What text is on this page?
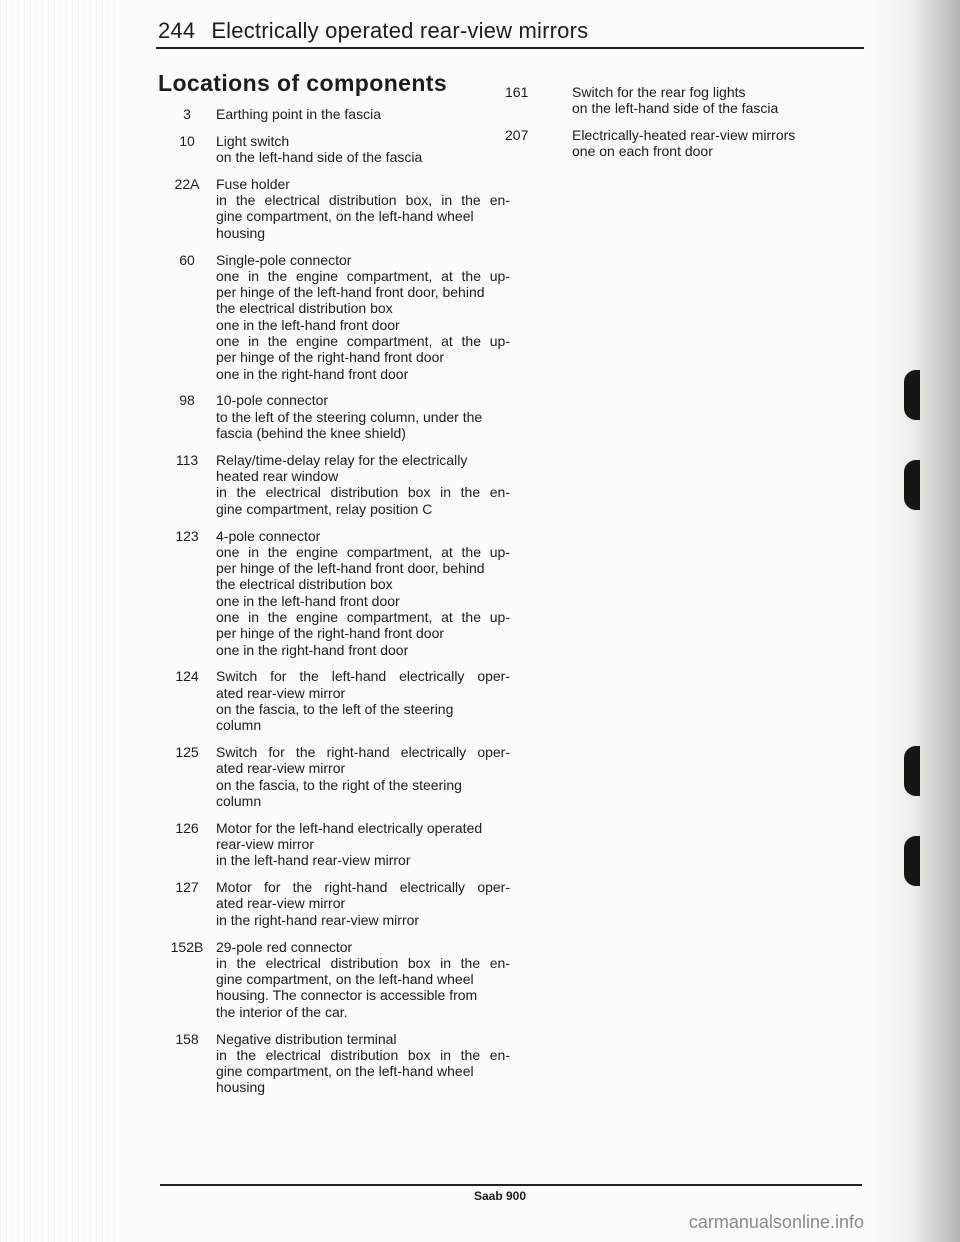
244 Electrically operated rear-view mirrors
Locations of components
3	Earthing point in the fascia
10	Light switch
on the left-hand side of the fascia
22A	Fuse holder
in the electrical distribution box, in the en-
gine compartment, on the left-hand wheel
housing
60	Single-pole connector
one in the engine compartment, at the up-
per hinge of the left-hand front door, behind
the electrical distribution box
one in the left-hand front door
one in the engine compartment, at the up-
per hinge of the right-hand front door
one in the right-hand front door
98	10-pole connector
to the left of the steering column, under the
fascia (behind the knee shield)
113	Relay/time-delay relay for the electrically
heated rear window
in the electrical distribution box in the en-
gine compartment, relay position C
123	4-pole connector
one in the engine compartment, at the up-
per hinge of the left-hand front door, behind
the electrical distribution box
one in the left-hand front door
one in the engine compartment, at the up-
per hinge of the right-hand front door
one in the right-hand front door
124	Switch for the left-hand electrically oper-
ated rear-view mirror
on the fascia, to the left of the steering
column
125	Switch for the right-hand electrically oper-
ated rear-view mirror
on the fascia, to the right of the steering
column
126	Motor for the left-hand electrically operated
rear-view mirror
in the left-hand rear-view mirror
127	Motor for the right-hand electrically oper-
ated rear-view mirror
in the right-hand rear-view mirror
152B 29-pole red connector
in the electrical distribution box in the en-
gine compartment, on the left-hand wheel
housing. The connector is accessible from
the interior of the car.
158	Negative distribution terminal
in the electrical distribution box in the en-
gine compartment, on the left-hand wheel
housing
161	Switch for the rear fog lights
on the left-hand side of the fascia
207	Electrically-heated rear-view mirrors
one on each front door
Saab 900
carmanualsonline.info
